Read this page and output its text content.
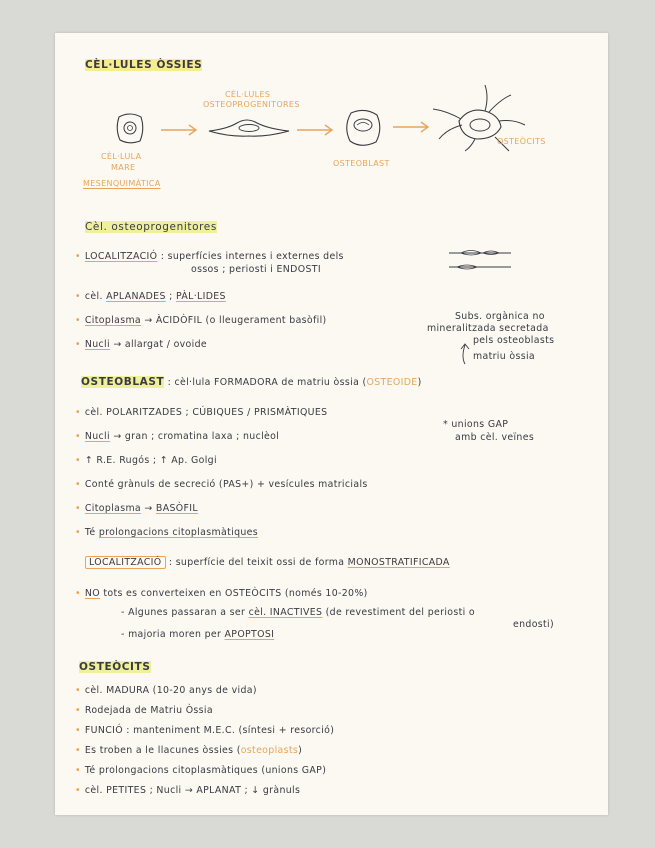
CÈL·LULES ÒSSIES
CÈL·LULA
MARE
MESENQUIMÀTICA
CÈL·LULES
OSTEOPROGENITORES
OSTEOBLAST
OSTEÒCITS
Cèl. osteoprogenitores
• LOCALITZACIÓ : superfícies internes i externes dels
ossos ; periosti i ENDOSTI
• cèl. APLANADES ; PÀL·LIDES
• Citoplasma → ÀCIDÒFIL (o lleugerament basòfil)
• Nucli → allargat / ovoide
Subs. orgànica no
mineralitzada secretada
pels osteoblasts
matriu òssia
OSTEOBLAST : cèl·lula FORMADORA de matriu òssia (OSTEOIDE)
• cèl. POLARITZADES ; CÚBIQUES / PRISMÀTIQUES
• Nucli → gran ; cromatina laxa ; nuclèol
* unions GAP
amb cèl. veïnes
• ↑ R.E. Rugós ; ↑ Ap. Golgi
• Conté grànuls de secreció (PAS+) + vesícules matricials
• Citoplasma → BASÒFIL
• Té prolongacions citoplasmàtiques
LOCALITZACIÓ : superfície del teixit ossi de forma MONOSTRATIFICADA
• NO tots es converteixen en OSTEÒCITS (només 10-20%)
- Algunes passaran a ser cèl. INACTIVES (de revestiment del periosti o
endosti)
- majoria moren per APOPTOSI
OSTEÒCITS
• cèl. MADURA (10-20 anys de vida)
• Rodejada de Matriu Òssia
• FUNCIÓ : manteniment M.E.C. (síntesi + resorció)
• Es troben a le llacunes òssies (osteoplasts)
• Té prolongacions citoplasmàtiques (unions GAP)
• cèl. PETITES ; Nucli → APLANAT ; ↓ grànuls
